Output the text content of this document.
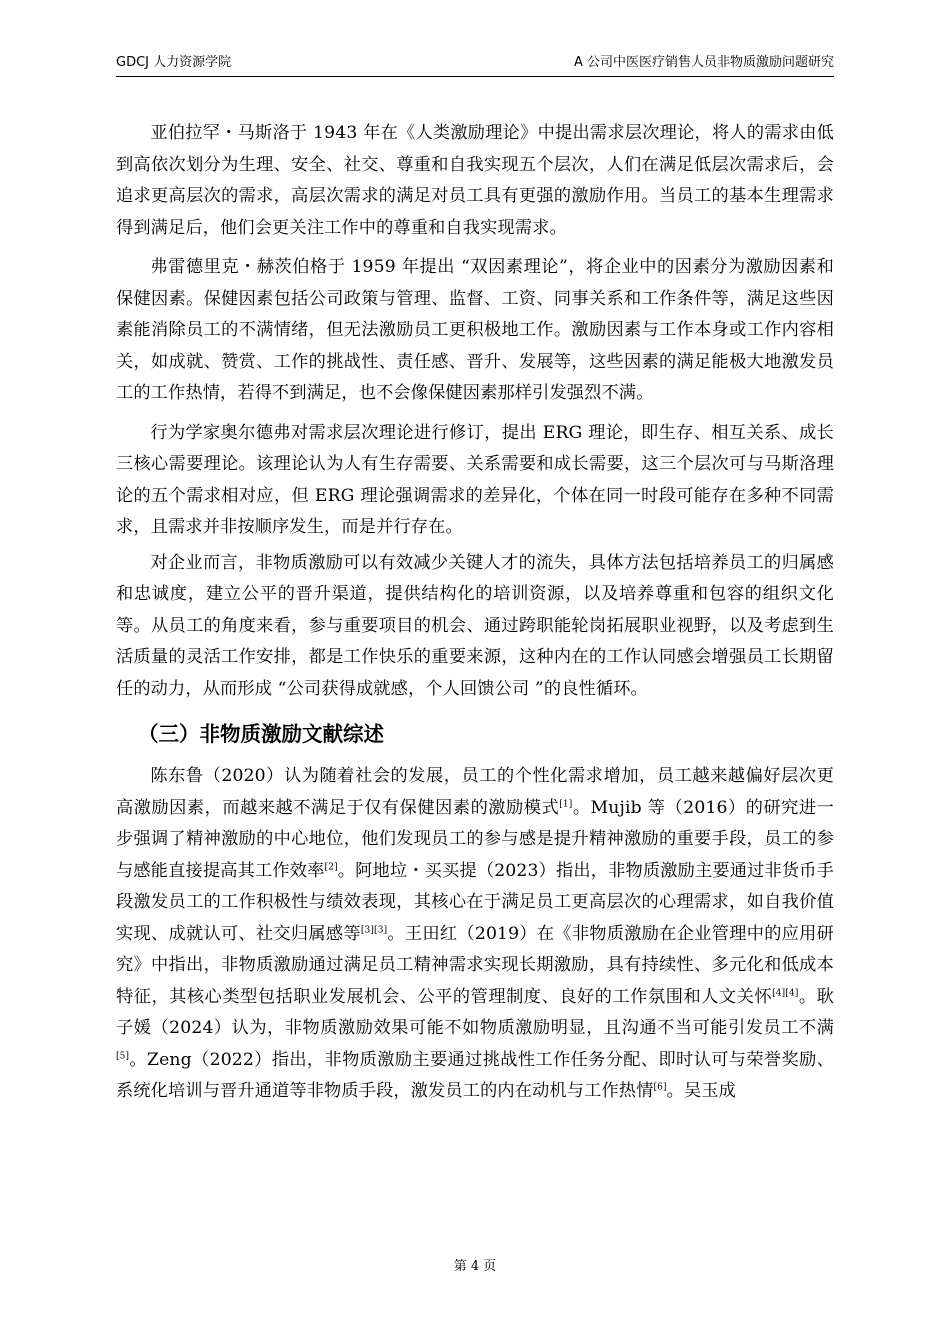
GDCJ 人力资源学院	A 公司中医医疗销售人员非物质激励问题研究

亚伯拉罕・马斯洛于 1943 年在《人类激励理论》中提出需求层次理论，将人的需求由低到高依次划分为生理、安全、社交、尊重和自我实现五个层次，人们在满足低层次需求后，会追求更高层次的需求，高层次需求的满足对员工具有更强的激励作用。当员工的基本生理需求得到满足后，他们会更关注工作中的尊重和自我实现需求。

弗雷德里克・赫茨伯格于 1959 年提出 “双因素理论”，将企业中的因素分为激励因素和保健因素。保健因素包括公司政策与管理、监督、工资、同事关系和工作条件等，满足这些因素能消除员工的不满情绪，但无法激励员工更积极地工作。激励因素与工作本身或工作内容相关，如成就、赞赏、工作的挑战性、责任感、晋升、发展等，这些因素的满足能极大地激发员工的工作热情，若得不到满足，也不会像保健因素那样引发强烈不满。

行为学家奥尔德弗对需求层次理论进行修订，提出 ERG 理论，即生存、相互关系、成长三核心需要理论。该理论认为人有生存需要、关系需要和成长需要，这三个层次可与马斯洛理论的五个需求相对应，但 ERG 理论强调需求的差异化，个体在同一时段可能存在多种不同需求，且需求并非按顺序发生，而是并行存在。

对企业而言，非物质激励可以有效减少关键人才的流失，具体方法包括培养员工的归属感和忠诚度，建立公平的晋升渠道，提供结构化的培训资源，以及培养尊重和包容的组织文化等。从员工的角度来看，参与重要项目的机会、通过跨职能轮岗拓展职业视野，以及考虑到生活质量的灵活工作安排，都是工作快乐的重要来源，这种内在的工作认同感会增强员工长期留任的动力，从而形成 “公司获得成就感，个人回馈公司 ”的良性循环。

（三）非物质激励文献综述

陈东鲁（2020）认为随着社会的发展，员工的个性化需求增加，员工越来越偏好层次更高激励因素，而越来越不满足于仅有保健因素的激励模式[1]。Mujib 等（2016）的研究进一步强调了精神激励的中心地位，他们发现员工的参与感是提升精神激励的重要手段，员工的参与感能直接提高其工作效率[2]。阿地垃・买买提（2023）指出，非物质激励主要通过非货币手段激发员工的工作积极性与绩效表现，其核心在于满足员工更高层次的心理需求，如自我价值实现、成就认可、社交归属感等[3][3]。王田红（2019）在《非物质激励在企业管理中的应用研究》中指出，非物质激励通过满足员工精神需求实现长期激励，具有持续性、多元化和低成本特征，其核心类型包括职业发展机会、公平的管理制度、良好的工作氛围和人文关怀[4][4]。耿子媛（2024）认为，非物质激励效果可能不如物质激励明显，且沟通不当可能引发员工不满[5]。Zeng（2022）指出，非物质激励主要通过挑战性工作任务分配、即时认可与荣誉奖励、系统化培训与晋升通道等非物质手段，激发员工的内在动机与工作热情[6]。吴玉成

第 4 页
